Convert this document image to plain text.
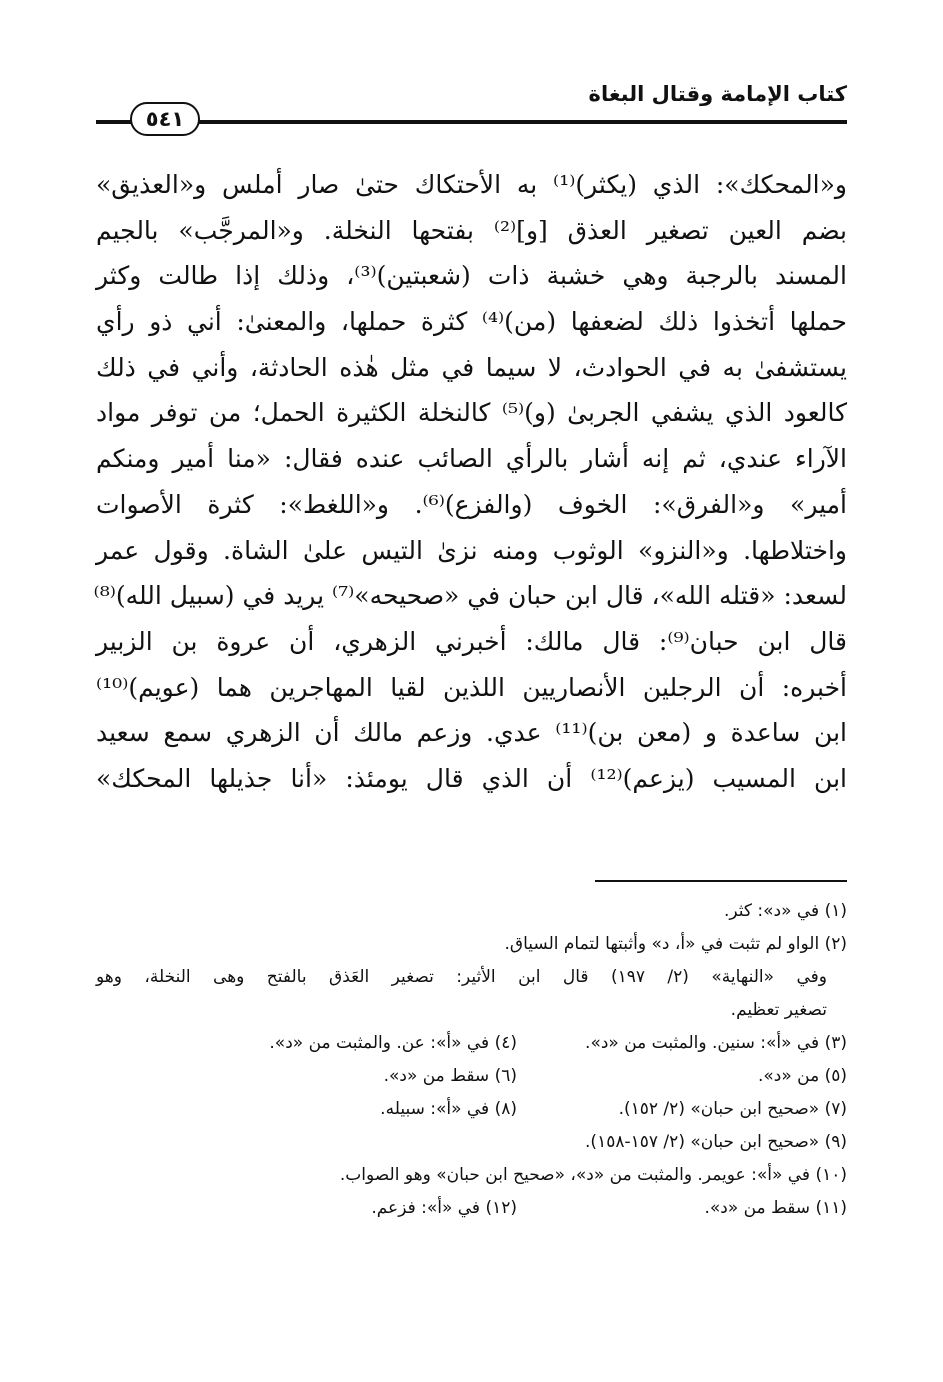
كتاب الإمامة وقتال البغاة
٥٤١
و«المحكك»: الذي (يكثر)⁽¹⁾ به الأحتكاك حتىٰ صار أملس و«العذيق»
بضم العين تصغير العذق [و]⁽²⁾ بفتحها النخلة. و«المرجَّب» بالجيم
المسند بالرجبة وهي خشبة ذات (شعبتين)⁽³⁾، وذلك إذا طالت وكثر
حملها أتخذوا ذلك لضعفها (من)⁽⁴⁾ كثرة حملها، والمعنىٰ: أني ذو رأي
يستشفىٰ به في الحوادث، لا سيما في مثل هٰذه الحادثة، وأني في ذلك
كالعود الذي يشفي الجربىٰ (و)⁽⁵⁾ كالنخلة الكثيرة الحمل؛ من توفر مواد
الآراء عندي، ثم إنه أشار بالرأي الصائب عنده فقال: «منا أمير ومنكم
أمير» و«الفرق»: الخوف (والفزع)⁽⁶⁾. و«اللغط»: كثرة الأصوات
واختلاطها. و«النزو» الوثوب ومنه نزىٰ التيس علىٰ الشاة. وقول عمر
لسعد: «قتله الله»، قال ابن حبان في «صحيحه»⁽⁷⁾ يريد في (سبيل الله)⁽⁸⁾
قال ابن حبان⁽⁹⁾: قال مالك: أخبرني الزهري، أن عروة بن الزبير
أخبره: أن الرجلين الأنصاريين اللذين لقيا المهاجرين هما (عويم)⁽¹⁰⁾
ابن ساعدة و (معن بن)⁽¹¹⁾ عدي. وزعم مالك أن الزهري سمع سعيد
ابن المسيب (يزعم)⁽¹²⁾ أن الذي قال يومئذ: «أنا جذيلها المحكك»
(١) في «د»: كثر.
(٢) الواو لم تثبت في «أ، د» وأثبتها لتمام السياق.
وفي «النهاية» (٢/ ١٩٧) قال ابن الأثير: تصغير العَذق بالفتح وهى النخلة، وهو
تصغير تعظيم.
(٣) في «أ»: سنين. والمثبت من «د».
(٤) في «أ»: عن. والمثبت من «د».
(٥) من «د».
(٦) سقط من «د».
(٧) «صحيح ابن حبان» (٢/ ١٥٢).
(٨) في «أ»: سبيله.
(٩) «صحيح ابن حبان» (٢/ ١٥٧-١٥٨).
(١٠) في «أ»: عويمر. والمثبت من «د»، «صحيح ابن حبان» وهو الصواب.
(١١) سقط من «د».
(١٢) في «أ»: فزعم.
